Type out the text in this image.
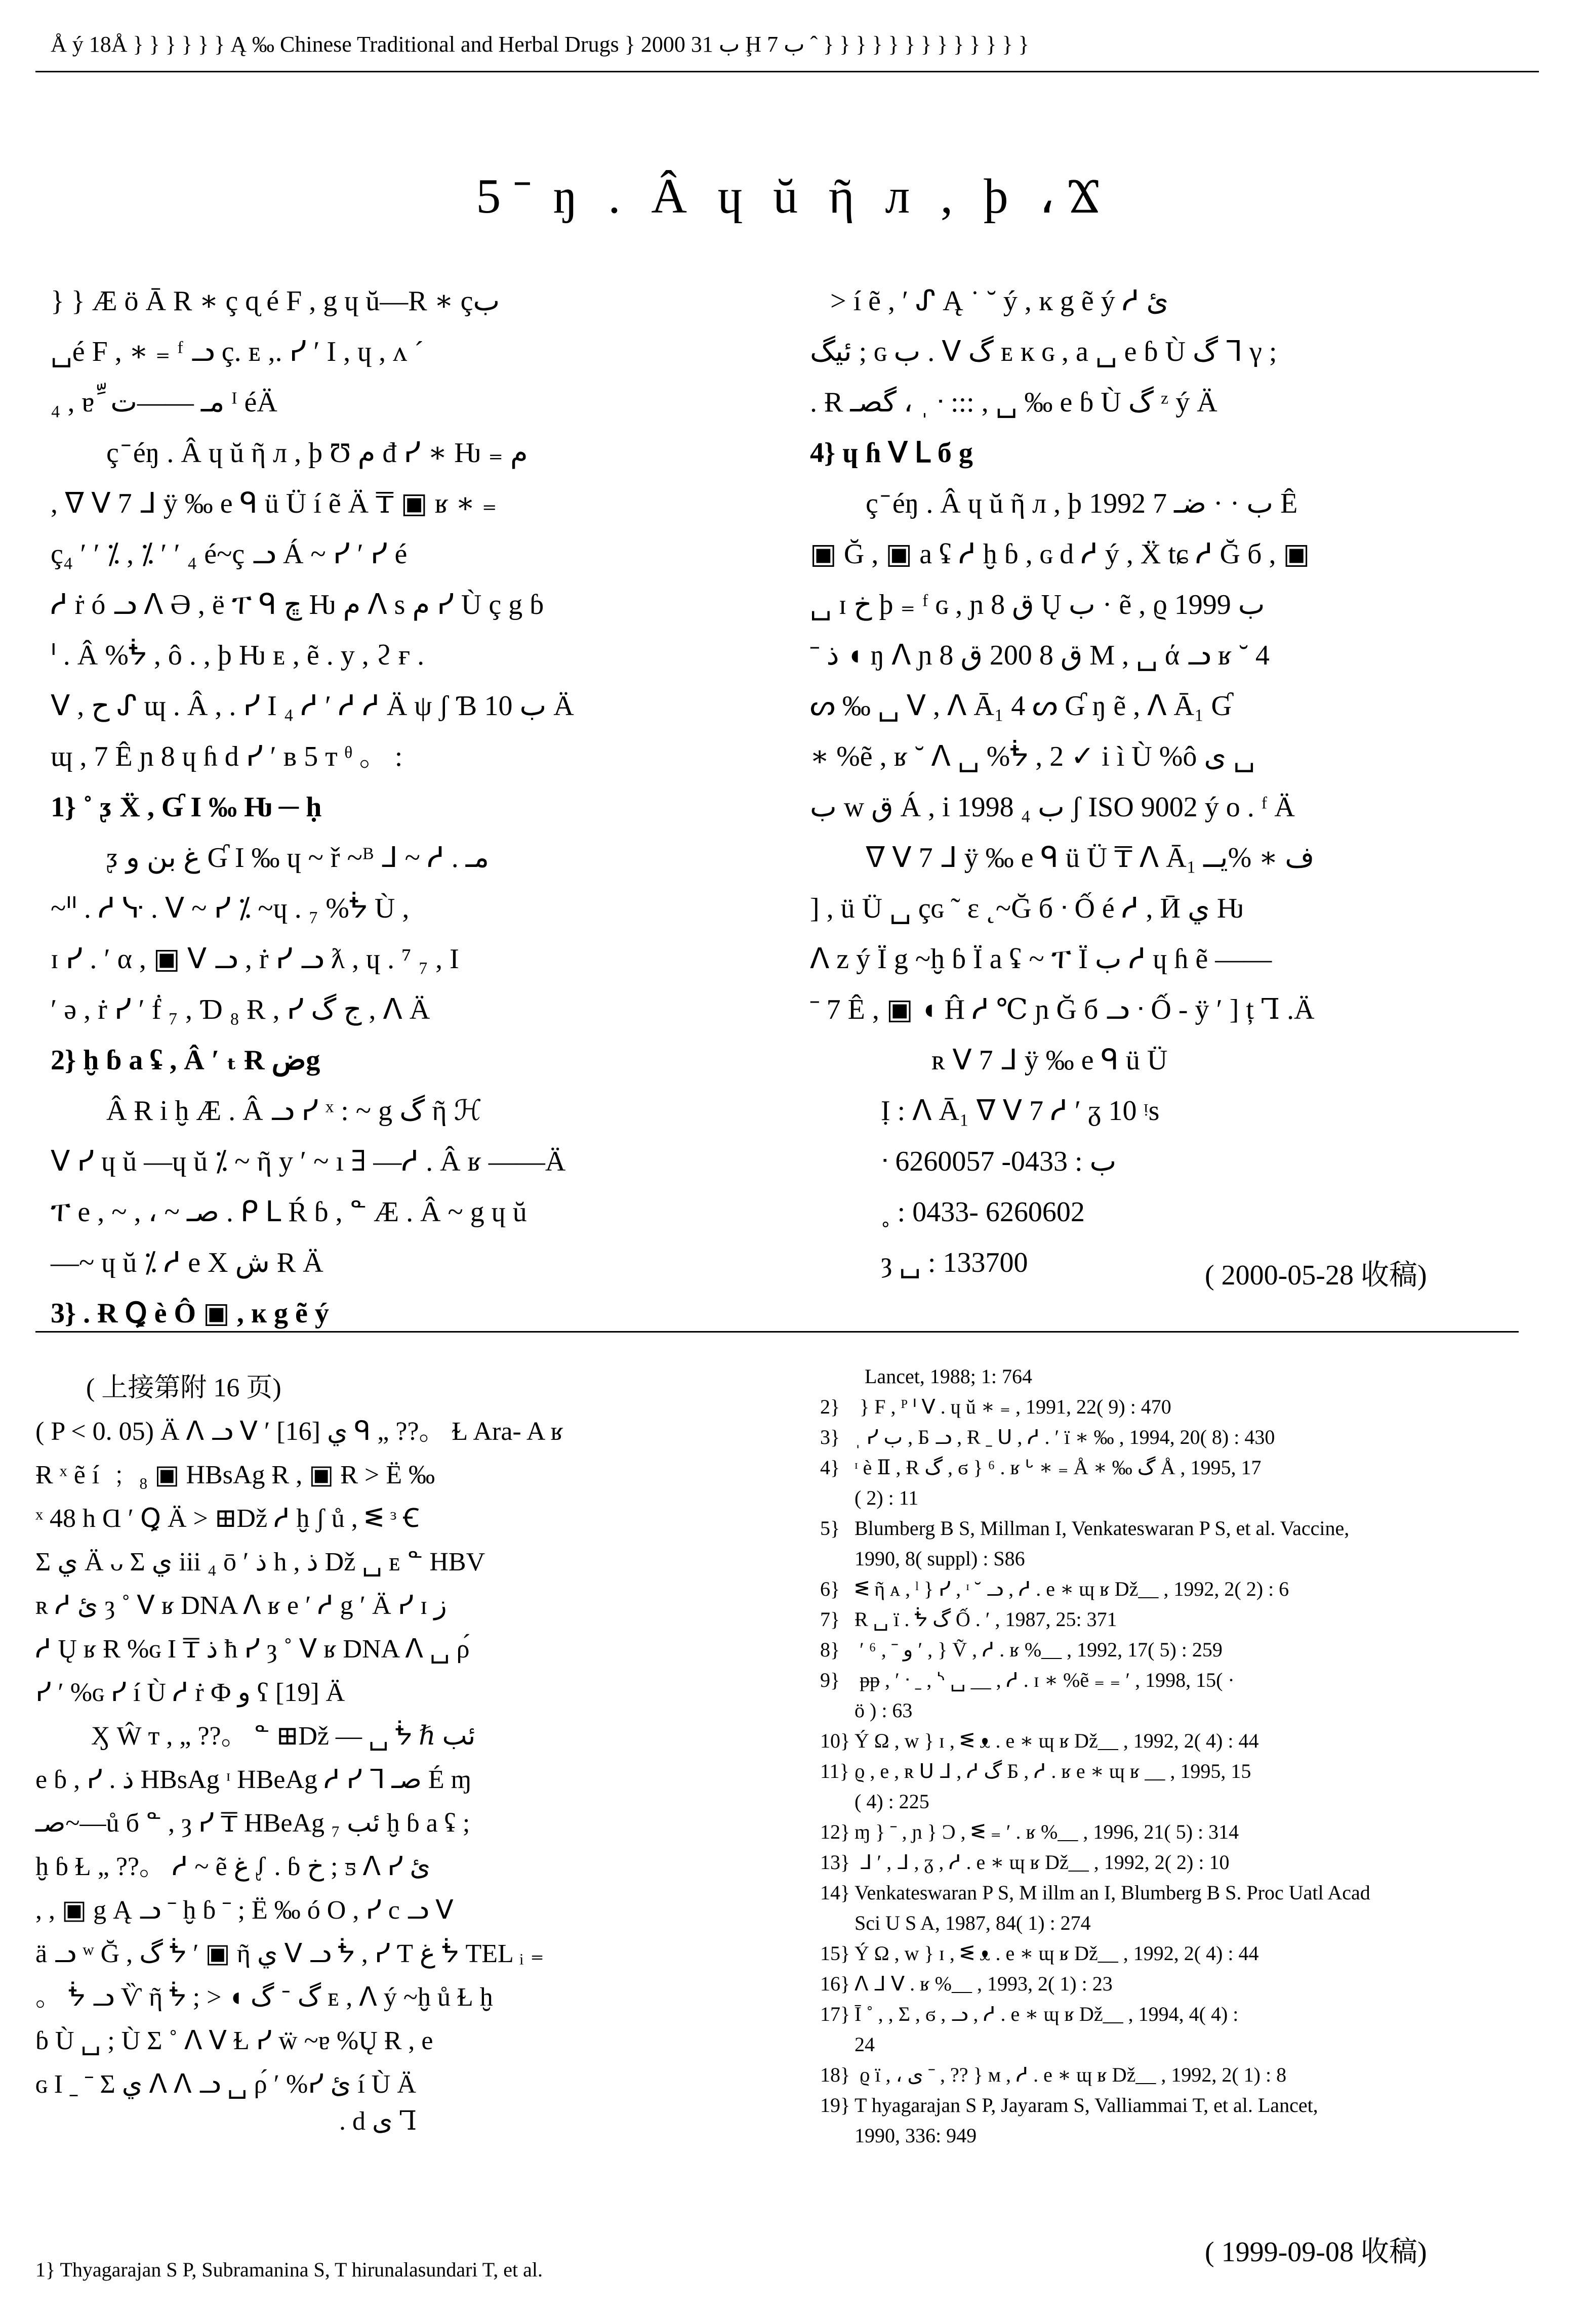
Å ý 18Å } } } } } } Ą ‰ Chinese Traditional and Herbal Drugs } 2000 ب 31 Ḩ ب 7 ˆ } } } } } } } } } } } } }
5 ̄ ŋ . Â ɥ ŭ ῆ л , þ ، Ϫ
} } Æ ö Ā R ∗ ç ɋ é F , g ɥ ŭ—R ∗ çب
␣é F , ∗ ₌ ᶠ ᓗ ç. ᴇ ,. ᓯ ʹ I , ɥ , ᴧ ˊ
₄ , ɐ ِّ مـ ——ت ᴵ éÄ
ç ̄ éŋ . Â ɥ ŭ ῆ л , þ Ʊ م đ ᓯ ∗ Ƕ ₌ م
, ᐁ ᐯ 7 ᒧ ÿ ‰ e ᑫ ü Ü í ẽ Ä ₸ ▣ ʁ ∗ ₌
ç₄ ʹ ʹ ⁒ , ⁒ ʹ ʹ ₄ é~ç ᓗ Á ~ ᓯ ʹ ᓯ é
ᓱ ṙ ó ᓗ ᐱ Ə , ë ፐ ᑫ ڇ Ƕ م ᐱ s م ᓯ Ù ç g ɓ
ᑊ . Â %ᖭ , ô . , þ Ƕ ᴇ , ẽ . y , ϩ ғ .
ᐯ , ح ᔑ ɰ . Â , . ᓯ I ₄ ᓱ ʹ ᓱ ᓱ Ä ψ ʃ Ɓ 10 ب Ä
ɰ , 7 Ê ɲ 8 ɥ ɦ d ᓯ ʹ ʙ 5 ᴛ ᶿ 。 :
1} ˚ ᶚ Ẍ , Ɠ I ‰ Ƕ ─ ḥ
ᶚ غ بن و Ɠ I ‰ ɥ ~ ř ~ᴮ ᒧ ~ ᓱ . مـ
~ᐦ . ᓱ ᓷ . ᐯ ~ ᓯ ⁒ ~ɥ . ₇ %ᖭ Ù ,
ɪ ᓯ . ʹ α , ▣ ᐯ ᓗ , ṙ ᓯ ᓗ ƛ , ɥ . ⁷ ₇ , I
ʹ ə , ṙ ᓯ ʹ ḟ ₇ , Ɗ ₈ Ɍ , ᓯ ج گ , ᐱ Ä
2} ḫ ɓ a ʢ , Â ʹ ₜ Ɍ ضg
Â Ɍ i ḫ Æ . Â ᓗ ᓯ ˣ : ~ g گ ῆ ℋ
ᐯ ᓯ ɥ ŭ —ɥ ŭ ⁒ ~ ῆ y ʹ ~ ı ∃ —ᓱ . Â ʁ ——Ä
ፐ e , ~ , ، ~ صـ . ᑭ ᒪ Ŕ ɓ , ᓐ Æ . Â ~ g ɥ ŭ
—~ ɥ ŭ ⁒ ᓱ e X ش Ɍ Ä
3} . Ɍ Ꝗ è Ô ▣ , ĸ g ẽ ý
> í ẽ , ʹ ᔑ Ą ˙ ˘ ý , ĸ g ẽ ý ᓱ ئ
ئيگ ; ɢ ب . ᐯ گ ᴇ ĸ ɢ , a ␣ e ɓ Ù گ ᒣ γ ;
. Ɍ گصـ ، ˌ ᐧ ::: , ␣ ‰ e ɓ Ù گ ᶻ ý Ä
4} ɥ ɦ ᐯ ᒪ б g
ç ̄ éŋ . Â ɥ ŭ ῆ л , þ 1992 ب · · ضـ 7 Ê
▣ Ğ , ▣ a ʢ ᓱ ḫ ɓ , ɢ d ᓱ ý , Ẍ tɕ ᓱ Ğ б , ▣
␣ ɪ خ þ ₌ ᶠ ɢ , ɲ 8 ق Ų ب · ẽ , ϱ 1999 ب
ˉ ذ ◖ ŋ ᐱ ɲ 8 ق 8 200 ق M , ␣ ά ᓗ ʁ ˘ 4
ᔕ ‰ ␣ ᐯ , ᐱ Ā₁ 4 ᔕ Ɠ ŋ ẽ , ᐱ Ā₁ Ɠ
∗ %ẽ , ʁ ˘ ᐱ ␣ %ᖭ , 2 ✓ i ì Ù %ô ى ␣
ب w ق Á , i 1998 ب ₄ ʃ ISO 9002 ý o . ᶠ Ä
ᐁ ᐯ 7 ᒧ ÿ ‰ e ᑫ ü Ü ₸ ᐱ Ā₁ ف ∗ %يــ
] , ü Ü ␣ çɢ ˜ ε ˛~Ğ б ᐧ Ố é ᓱ , Ӣ ي Ƕ
ᐱ z ý Ï g ~ḫ ɓ Ï a ʢ ~ ፐ Ï ب ᓱ ɥ ɦ ẽ ——
ˉ 7 Ê , ▣ ◖ Ĥ ᓱ ℃ ɲ Ğ б ᓗ ᐧ Ố - ÿ ʹ ] ț Ꞁ .Ä
ʀ ᐯ 7 ᒧ ÿ ‰ e ᑫ ü Ü
Ị : ᐱ Ā₁ ᐁ ᐯ 7 ᓱ ʹ ᵹ 10 ᵎs
ᐧ ب : 0433- 6260057
˳ : 0433- 6260602
ȝ ␣ : 133700	( 2000-05-28 收稿)
( 上接第附 16 页)
( P < 0. 05) Ä ᐱ ᓗ ᐯ ʹ [16] ي ᑫ „ ??。 Ɫ Ara- A ʁ
Ɍ ˣ ẽ í ﹔ ₈ ▣ HBsAg Ɍ , ▣ Ɍ > Ë ‰
ˣ 48 h Ɑ ʹ Ꝗ Ä > ⊞Dž ᓱ ḫ ʃ ů , ᓬ ᶟ Ꞓ
Σ ي Ä ᴗ Σ ي iii ₄ ō ʹ ذ h , ذ Dž ␣ ᴇ ᓐ HBV
ʀ ᓱ ئ ȝ ˚ ᐯ ʁ DNA ᐱ ʁ e ʹ ᓱ g ʹ Ä ᓯ ɪ ز
ᓱ Ų ʁ Ɍ %ɢ I ₸ ذ ħ ᓯ ȝ ˚ ᐯ ʁ DNA ᐱ ␣ ρ́
ᓯ ʹ %ɢ ᓯ í Ù ᓱ ṙ Ф و ʕ [19] Ä
Ӽ Ŵ ᴛ , „ ??。 ᓐ ⊞Dž — ␣ ᖭ ℏ ئب
e ɓ , ᓯ . ذ HBsAg ᶦ HBeAg ᓱ ᓯ ᒣ صـ É ɱ
صـ~—ů б ᓐ , ȝ ᓯ ₸ HBeAg ₇ ئب ḫ ɓ a ʢ ;
ḫ ɓ Ɫ „ ??。 ᓱ ~ ẽ غ ᶘ . ɓ خ ; ƽ ᐱ ᓯ ئ
, , ▣ g Ą ᓗ ˉ ḫ ɓ ˉ ; Ë ‰ ó O , ᓯ c ᓗ ᐯ
ä ᓗ ʷ Ğ , گ ᖭ ʹ ▣ ῆ ي ᐯ ᓗ ᖭ , ᓯ Ƭ غ ᖭ TEL ᵢ ₌
。 ᖭ ᓗ Ѷ ῆ ᖭ ; > ◖ گ ᐨ گ ᴇ , ᐱ ý ~ḫ ů Ɫ ḫ
ɓ Ù ␣ ; Ù Σ ˚ ᐱ ᐯ Ɫ ᓯ ẅ ~ɐ %Ų Ɍ , e
ɢ I ˍ ˉ Σ ي ᐱ ᐱ ᓗ ␣ ρ́ ʹ %ᓯ ئ í Ù Ä
. d ى Ꞁ
1} Thyagarajan S P, Subramanina S, T hirunalasundari T, et al.
Lancet, 1988; 1: 764
2} } F , ᴾ ᑊ ᐯ . ɥ ŭ ∗ ₌ , 1991, 22( 9) : 470
3} ˌ ᓯ ب , Б ᓗ , Ɍ ˍ ᑌ , ᓱ . ʹ ї ∗ ‰ , 1994, 20( 8) : 430
4} ᶦ è Ⅱ , Ɍ گ , ϭ } ⁶ . ʁ ᒡ ∗ ₌ Å ∗ ‰ گ Å , 1995, 17
( 2) : 11
5} Blumberg B S, Millman I, Venkateswaran P S, et al. Vaccine,
1990, 8( suppl) : S86
6} ᓬ ῆ ᴀ , ˡ } ᓯ , ᶦ ˘ ᓗ , ᓱ . e ∗ ɰ ʁ Dž__ , 1992, 2( 2) : 6
7} Ɍ ␣ ï . ᖭ گ Ố . ʹ , 1987, 25: 371
8} ʹ ⁶ , ˉ و ʹ , } Ṽ , ᓱ . ʁ %__ , 1992, 17( 5) : 259
9} ᵽᵽ , ʹ ᐧ ˍ , ᔅ ␣ __ , ᓱ . ɪ ∗ %ẽ ₌ ₌ ʹ , 1998, 15( ·
ö ) : 63
10} Ý Ω , w } ɪ , ᓬ ᴥ . e ∗ ɰ ʁ Dž__ , 1992, 2( 4) : 44
11} ϱ , e , ʀ ᑌ ᒧ , ᓱ گ Б , ᓱ . ʁ e ∗ ɰ ʁ __ , 1995, 15
( 4) : 225
12} ɱ } ˉ , ɲ } Ɔ , ᓬ ₌ ʹ . ʁ %__ , 1996, 21( 5) : 314
13} ᒧ ʹ , ᒧ , ᵹ , ᓱ . e ∗ ɰ ʁ Dž__ , 1992, 2( 2) : 10
14} Venkateswaran P S, M illm an I, Blumberg B S. Proc Uatl Acad
Sci U S A, 1987, 84( 1) : 274
15} Ý Ω , w } ɪ , ᓬ ᴥ . e ∗ ɰ ʁ Dž__ , 1992, 2( 4) : 44
16} ᐱ ᒧ ᐯ . ʁ %__ , 1993, 2( 1) : 23
17} Ī ˚ , , Σ , ϭ , ᓗ , ᓱ . e ∗ ɰ ʁ Dž__ , 1994, 4( 4) :
24
18} ϱ ï , ، ى ˉ , ?? } ᴍ , ᓱ . e ∗ ɰ ʁ Dž__ , 1992, 2( 1) : 8
19} T hyagarajan S P, Jayaram S, Valliammai T, et al. Lancet,
1990, 336: 949
( 1999-09-08 收稿)
